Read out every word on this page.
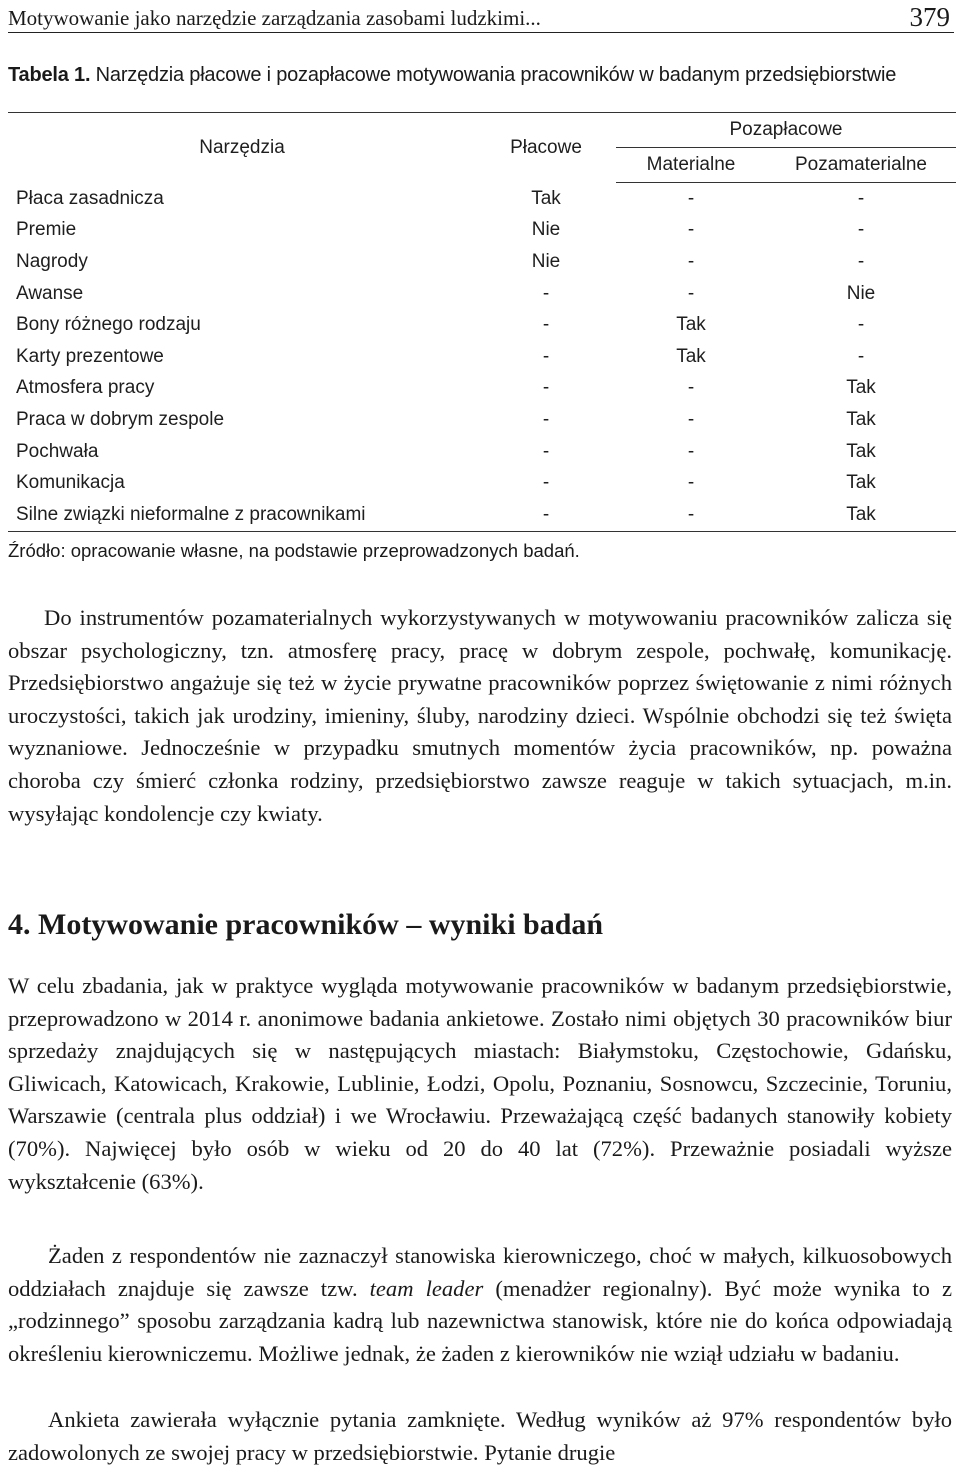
Motywowanie jako narzędzie zarządzania zasobami ludzkimi...	379
Tabela 1. Narzędzia płacowe i pozapłacowe motywowania pracowników w badanym przedsiębiorstwie
Narzędzia	Płacowe	Pozapłacowe	
		Materialne	Pozamaterialne
Płaca zasadnicza	Tak	-	-
Premie	Nie	-	-
Nagrody	Nie	-	-
Awanse	-	-	Nie
Bony różnego rodzaju	-	Tak	-
Karty prezentowe	-	Tak	-
Atmosfera pracy	-	-	Tak
Praca w dobrym zespole	-	-	Tak
Pochwała	-	-	Tak
Komunikacja	-	-	Tak
Silne związki nieformalne z pracownikami	-	-	Tak
Źródło: opracowanie własne, na podstawie przeprowadzonych badań.

Do instrumentów pozamaterialnych wykorzystywanych w motywowaniu pracowników zalicza się obszar psychologiczny, tzn. atmosferę pracy, pracę w dobrym zespole, pochwałę, komunikację. Przedsiębiorstwo angażuje się też w życie prywatne pracowników poprzez świętowanie z nimi różnych uroczystości, takich jak urodziny, imieniny, śluby, narodziny dzieci. Wspólnie obchodzi się też święta wyznaniowe. Jednocześnie w przypadku smutnych momentów życia pracowników, np. poważna choroba czy śmierć członka rodziny, przedsiębiorstwo zawsze reaguje w takich sytuacjach, m.in. wysyłając kondolencje czy kwiaty.

4. Motywowanie pracowników – wyniki badań

W celu zbadania, jak w praktyce wygląda motywowanie pracowników w badanym przedsiębiorstwie, przeprowadzono w 2014 r. anonimowe badania ankietowe. Zostało nimi objętych 30 pracowników biur sprzedaży znajdujących się w następujących miastach: Białymstoku, Częstochowie, Gdańsku, Gliwicach, Katowicach, Krakowie, Lublinie, Łodzi, Opolu, Poznaniu, Sosnowcu, Szczecinie, Toruniu, Warszawie (centrala plus oddział) i we Wrocławiu. Przeważającą część badanych stanowiły kobiety (70%). Najwięcej było osób w wieku od 20 do 40 lat (72%). Przeważnie posiadali wyższe wykształcenie (63%).

Żaden z respondentów nie zaznaczył stanowiska kierowniczego, choć w małych, kilkuosobowych oddziałach znajduje się zawsze tzw. team leader (menadżer regionalny). Być może wynika to z „rodzinnego” sposobu zarządzania kadrą lub nazewnictwa stanowisk, które nie do końca odpowiadają określeniu kierowniczemu. Możliwe jednak, że żaden z kierowników nie wziął udziału w badaniu.

Ankieta zawierała wyłącznie pytania zamknięte. Według wyników aż 97% respondentów było zadowolonych ze swojej pracy w przedsiębiorstwie. Pytanie drugie
